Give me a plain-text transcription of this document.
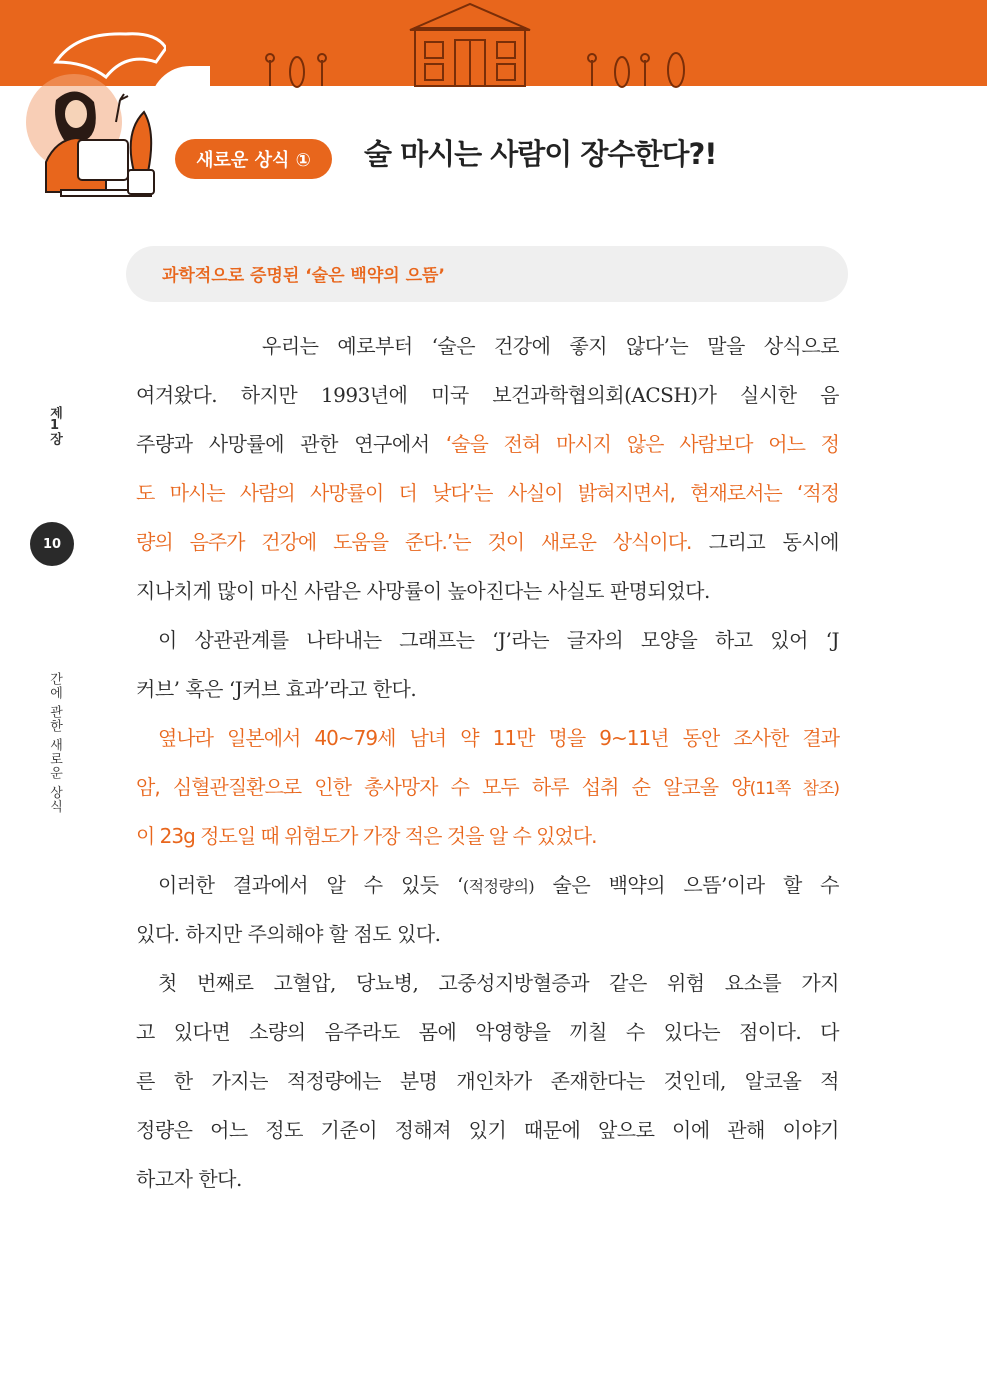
새로운 상식 ①	술 마시는 사람이 장수한다?!
과학적으로 증명된 ‘술은 백약의 으뜸’
제1장
10
간에 관한 새로운 상식
우리는 예로부터 ‘술은 건강에 좋지 않다’는 말을 상식으로
여겨왔다. 하지만 1993년에 미국 보건과학협의회(ACSH)가 실시한 음
주량과 사망률에 관한 연구에서 ‘술을 전혀 마시지 않은 사람보다 어느 정
도 마시는 사람의 사망률이 더 낮다’는 사실이 밝혀지면서, 현재로서는 ‘적정
량의 음주가 건강에 도움을 준다.’는 것이 새로운 상식이다. 그리고 동시에
지나치게 많이 마신 사람은 사망률이 높아진다는 사실도 판명되었다.
이 상관관계를 나타내는 그래프는 ‘J’라는 글자의 모양을 하고 있어 ‘J
커브’ 혹은 ‘J커브 효과’라고 한다.
옆나라 일본에서 40~79세 남녀 약 11만 명을 9~11년 동안 조사한 결과
암, 심혈관질환으로 인한 총사망자 수 모두 하루 섭취 순 알코올 양(11쪽 참조)
이 23g 정도일 때 위험도가 가장 적은 것을 알 수 있었다.
이러한 결과에서 알 수 있듯 ‘(적정량의) 술은 백약의 으뜸’이라 할 수
있다. 하지만 주의해야 할 점도 있다.
첫 번째로 고혈압, 당뇨병, 고중성지방혈증과 같은 위험 요소를 가지
고 있다면 소량의 음주라도 몸에 악영향을 끼칠 수 있다는 점이다. 다
른 한 가지는 적정량에는 분명 개인차가 존재한다는 것인데, 알코올 적
정량은 어느 정도 기준이 정해져 있기 때문에 앞으로 이에 관해 이야기
하고자 한다.
